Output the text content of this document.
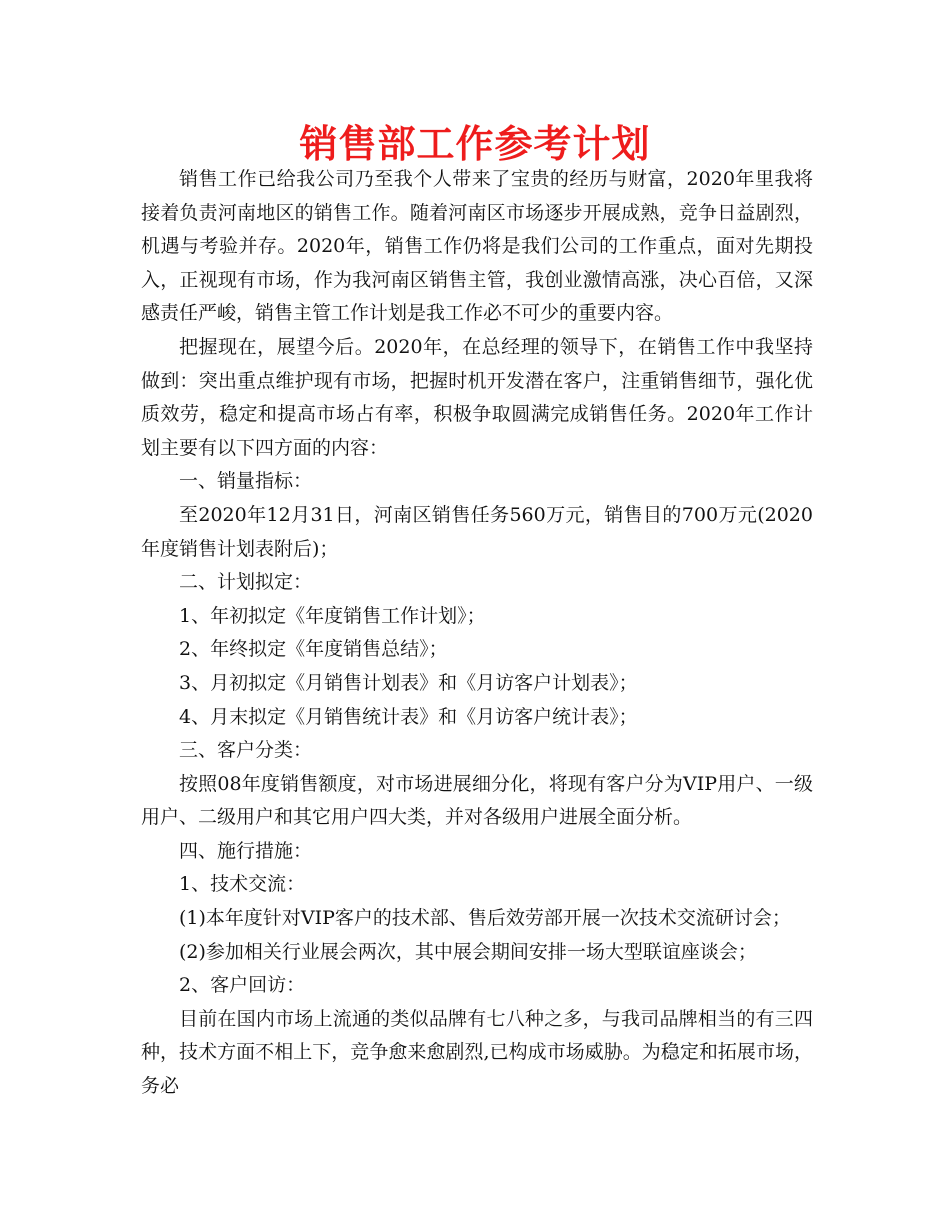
销售部工作参考计划

销售工作已给我公司乃至我个人带来了宝贵的经历与财富，2020年里我将接着负责河南地区的销售工作。随着河南区市场逐步开展成熟，竞争日益剧烈，机遇与考验并存。2020年，销售工作仍将是我们公司的工作重点，面对先期投入，正视现有市场，作为我河南区销售主管，我创业激情高涨，决心百倍，又深感责任严峻，销售主管工作计划是我工作必不可少的重要内容。

把握现在，展望今后。2020年，在总经理的领导下，在销售工作中我坚持做到：突出重点维护现有市场，把握时机开发潜在客户，注重销售细节，强化优质效劳，稳定和提高市场占有率，积极争取圆满完成销售任务。2020年工作计划主要有以下四方面的内容：

一、销量指标：

至2020年12月31日，河南区销售任务560万元，销售目的700万元(2020年度销售计划表附后)；

二、计划拟定：

1、年初拟定《年度销售工作计划》；

2、年终拟定《年度销售总结》；

3、月初拟定《月销售计划表》和《月访客户计划表》；

4、月末拟定《月销售统计表》和《月访客户统计表》；

三、客户分类：

按照08年度销售额度，对市场进展细分化，将现有客户分为VIP用户、一级用户、二级用户和其它用户四大类，并对各级用户进展全面分析。

四、施行措施：

1、技术交流：

(1)本年度针对VIP客户的技术部、售后效劳部开展一次技术交流研讨会；

(2)参加相关行业展会两次，其中展会期间安排一场大型联谊座谈会；

2、客户回访：

目前在国内市场上流通的类似品牌有七八种之多，与我司品牌相当的有三四种，技术方面不相上下，竞争愈来愈剧烈,已构成市场威胁。为稳定和拓展市场，务必
